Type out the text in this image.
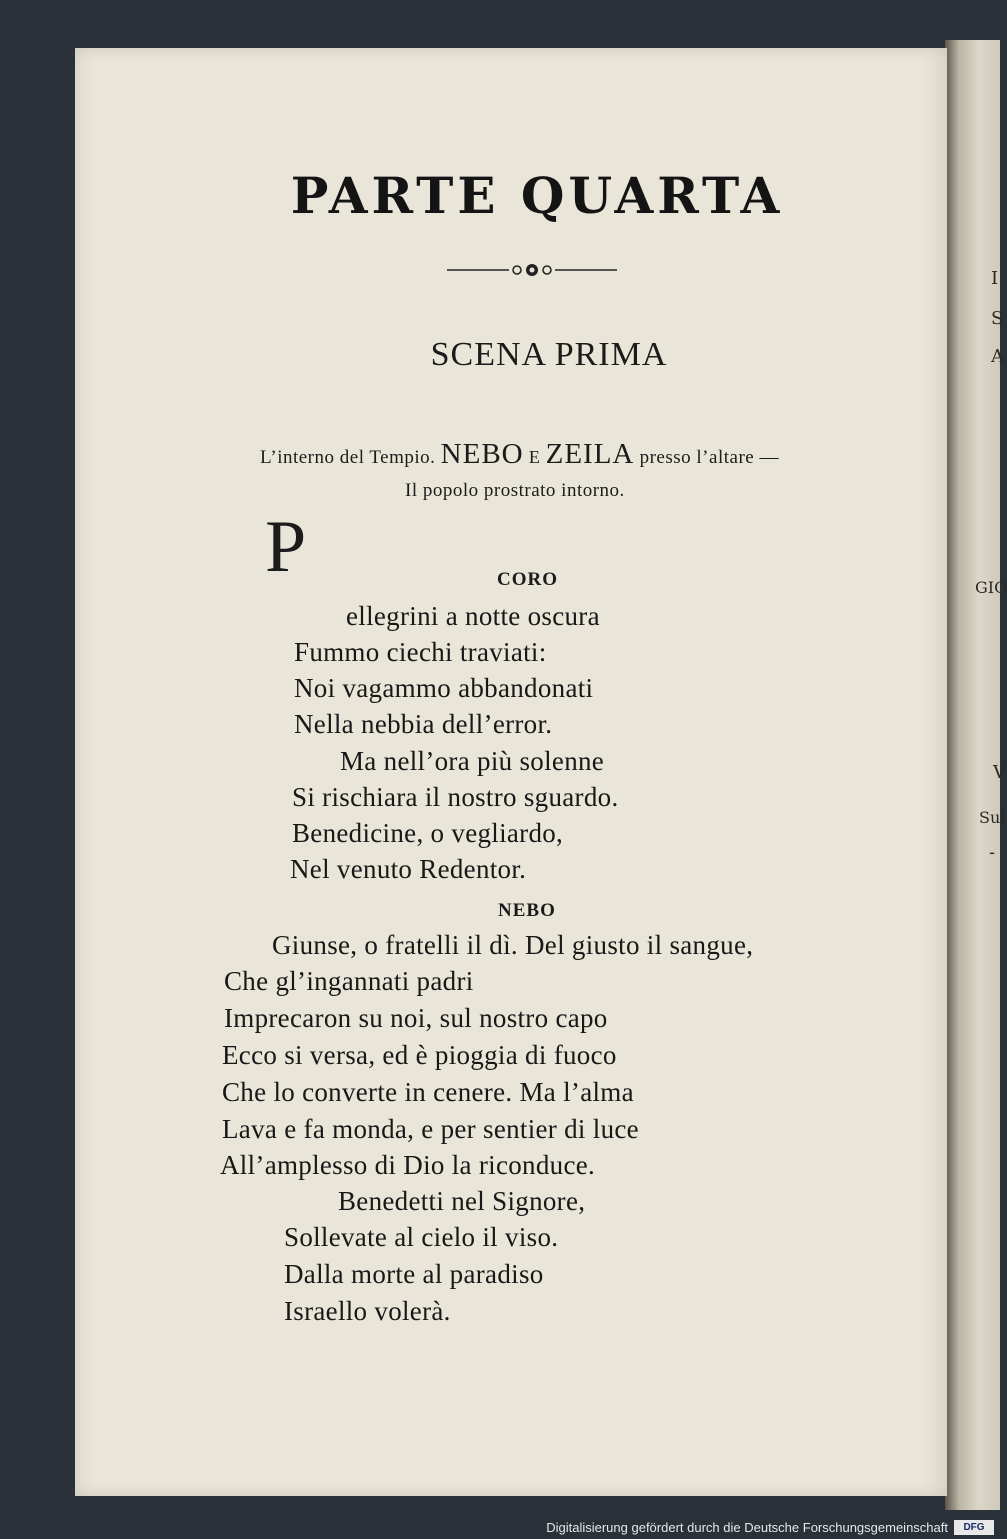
I
S
A
GIO
V
Sul
-
PARTE QUARTA
SCENA PRIMA
L’interno del Tempio. NEBO E ZEILA presso l’altare —
Il popolo prostrato intorno.
CORO
P
ellegrini a notte oscura
Fummo ciechi traviati:
Noi vagammo abbandonati
Nella nebbia dell’error.
Ma nell’ora più solenne
Si rischiara il nostro sguardo.
Benedicine, o vegliardo,
Nel venuto Redentor.
NEBO
Giunse, o fratelli il dì. Del giusto il sangue,
Che gl’ingannati padri
Imprecaron su noi, sul nostro capo
Ecco si versa, ed è pioggia di fuoco
Che lo converte in cenere. Ma l’alma
Lava e fa monda, e per sentier di luce
All’amplesso di Dio la riconduce.
Benedetti nel Signore,
Sollevate al cielo il viso.
Dalla morte al paradiso
Israello volerà.
Digitalisierung gefördert durch die Deutsche Forschungsgemeinschaft	DFG
